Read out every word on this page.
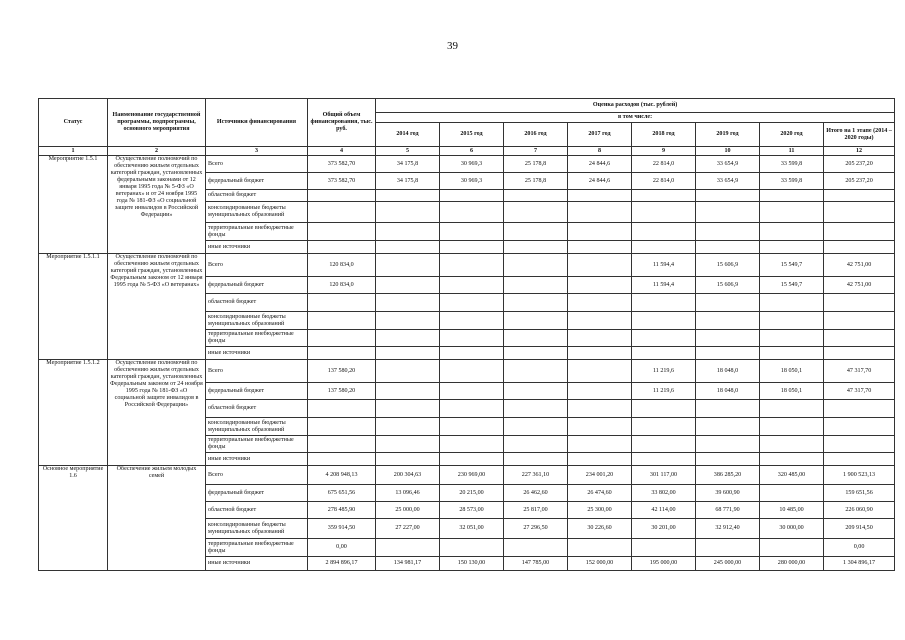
39
Статус	Наименование государственной программы, подпрограммы, основного мероприятия	Источники финансирования	Общий объем финансирования, тыс. руб.	Оценка расходов (тыс. рублей)							
				в том числе:							
				2014 год	2015 год	2016 год	2017 год	2018 год	2019 год	2020 год	Итого на 1 этапе (2014 – 2020 годы)
1	2	3	4	5	6	7	8	9	10	11	12
Мероприятие 1.5.1	Осуществление полномочий по обеспечению жильем отдельных категорий граждан, установленных федеральными законами от 12 января 1995 года № 5-ФЗ «О ветеранах» и от 24 ноября 1995 года № 181-ФЗ «О социальной защите инвалидов в Российской Федерации»	Всего	373 582,70	34 175,8	30 969,3	25 178,8	24 844,6	22 814,0	33 654,9	33 599,8	205 237,20
		федеральный бюджет	373 582,70	34 175,8	30 969,3	25 178,8	24 844,6	22 814,0	33 654,9	33 599,8	205 237,20
		областной бюджет									
		консолидированные бюджеты муниципальных образований									
		территориальные внебюджетные фонды									
		иные источники									
Мероприятие 1.5.1.1	Осуществление полномочий по обеспечению жильем отдельных категорий граждан, установленных Федеральным законом от 12 января 1995 года № 5-ФЗ «О ветеранах»	Всего	120 834,0					11 594,4	15 606,9	15 549,7	42 751,00
		федеральный бюджет	120 834,0					11 594,4	15 606,9	15 549,7	42 751,00
		областной бюджет									
		консолидированные бюджеты муниципальных образований									
		территориальные внебюджетные фонды									
		иные источники									
Мероприятие 1.5.1.2	Осуществление полномочий по обеспечению жильем отдельных категорий граждан, установленных Федеральным законом от 24 ноября 1995 года № 181-ФЗ «О социальной защите инвалидов в Российской Федерации»	Всего	137 580,20					11 219,6	18 048,0	18 050,1	47 317,70
		федеральный бюджет	137 580,20					11 219,6	18 048,0	18 050,1	47 317,70
		областной бюджет									
		консолидированные бюджеты муниципальных образований									
		территориальные внебюджетные фонды									
		иные источники									
Основное мероприятие 1.6	Обеспечение жильем молодых семей	Всего	4 208 948,13	200 304,63	230 969,00	227 361,10	234 001,20	301 117,00	386 285,20	320 485,00	1 900 523,13
		федеральный бюджет	675 651,56	13 096,46	20 215,00	26 462,60	26 474,60	33 802,00	39 600,90		159 651,56
		областной бюджет	278 485,90	25 000,00	28 573,00	25 817,00	25 300,00	42 114,00	68 771,90	10 485,00	226 060,90
		консолидированные бюджеты муниципальных образований	359 914,50	27 227,00	32 051,00	27 296,50	30 226,60	30 201,00	32 912,40	30 000,00	209 914,50
		территориальные внебюджетные фонды	0,00								0,00
		иные источники	2 894 896,17	134 981,17	150 130,00	147 785,00	152 000,00	195 000,00	245 000,00	280 000,00	1 304 896,17
